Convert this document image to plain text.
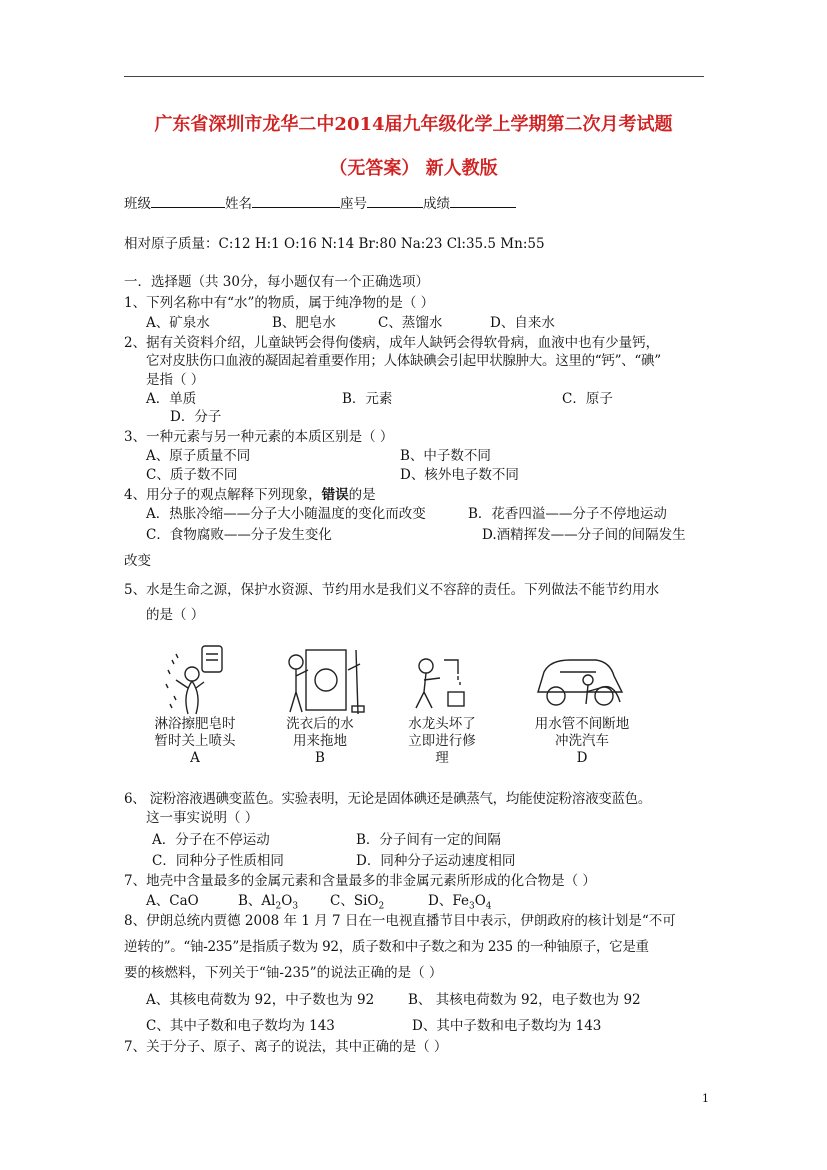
广东省深圳市龙华二中2014届九年级化学上学期第二次月考试题
（无答案） 新人教版
班级	姓名	座号	成绩
相对原子质量：C:12 H:1 O:16 N:14 Br:80 Na:23 Cl:35.5 Mn:55
一．选择题（共 30分，每小题仅有一个正确选项）
1、下列名称中有“水”的物质，属于纯净物的是（ ）
A、矿泉水	B、肥皂水	C、蒸馏水	D、自来水
2、据有关资料介绍，儿童缺钙会得佝偻病，成年人缺钙会得软骨病，血液中也有少量钙，
它对皮肤伤口血液的凝固起着重要作用；人体缺碘会引起甲状腺肿大。这里的“钙”、“碘”
是指（ ）
A．单质	B．元素	C．原子
D．分子
3、一种元素与另一种元素的本质区别是（ ）
A、原子质量不同	B、中子数不同
C、质子数不同	D、核外电子数不同
4、用分子的观点解释下列现象，错误的是
A．热胀冷缩——分子大小随温度的变化而改变	B．花香四溢——分子不停地运动
C．食物腐败——分子发生变化	D.酒精挥发——分子间的间隔发生
改变
5、水是生命之源，保护水资源、节约用水是我们义不容辞的责任。下列做法不能节约用水
的是（ ）
淋浴擦肥皂时
暂时关上喷头
A
洗衣后的水
用来拖地
B
水龙头坏了
立即进行修
理
用水管不间断地
冲洗汽车
D
6、 淀粉溶液遇碘变蓝色。实验表明，无论是固体碘还是碘蒸气，均能使淀粉溶液变蓝色。
这一事实说明（ ）
A．分子在不停运动	B．分子间有一定的间隔
C．同种分子性质相同	D．同种分子运动速度相同
7、地壳中含量最多的金属元素和含量最多的非金属元素所形成的化合物是（ ）
A、CaO	B、$Al_2O_3$ C、SiO$_2$	D、$Fe_3O_4$
8、伊朗总统内贾德 2008 年 1 月 7 日在一电视直播节目中表示，伊朗政府的核计划是“不可
逆转的”。“铀-235”是指质子数为 92，质子数和中子数之和为 235 的一种铀原子，它是重
要的核燃料，下列关于“铀-235”的说法正确的是（ ）
A、其核电荷数为 92，中子数也为 92	B、 其核电荷数为 92，电子数也为 92
C、其中子数和电子数均为 143	D、其中子数和电子数均为 143
7、关于分子、原子、离子的说法，其中正确的是（ ）
1
